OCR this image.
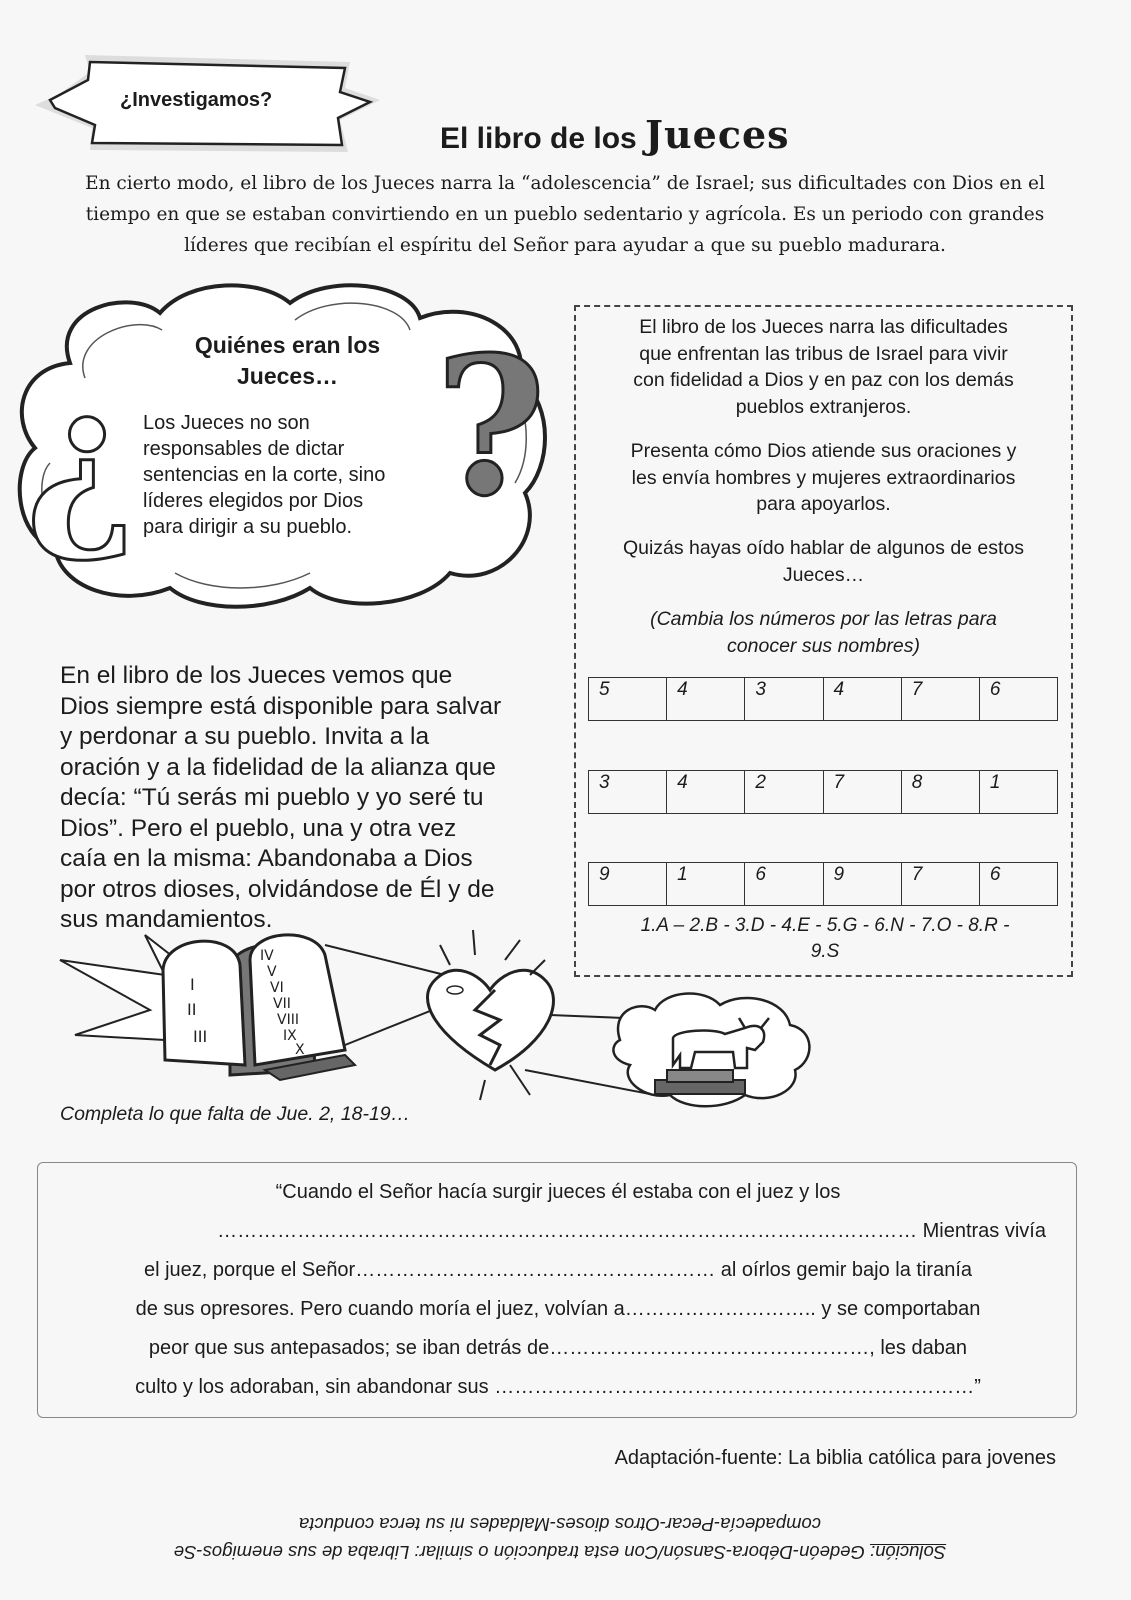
¿Investigamos?
El libro de los Jueces
En cierto modo, el libro de los Jueces narra la “adolescencia” de Israel; sus dificultades con Dios en el
tiempo en que se estaban convirtiendo en un pueblo sedentario y agrícola. Es un periodo con grandes
líderes que recibían el espíritu del Señor para ayudar a que su pueblo madurara.
¿ ?
Quiénes eran los
Jueces…
Los Jueces no son
responsables de dictar
sentencias en la corte, sino
líderes elegidos por Dios
para dirigir a su pueblo.
El libro de los Jueces narra las dificultades
que enfrentan las tribus de Israel para vivir
con fidelidad a Dios y en paz con los demás
pueblos extranjeros.
Presenta cómo Dios atiende sus oraciones y
les envía hombres y mujeres extraordinarios
para apoyarlos.
Quizás hayas oído hablar de algunos de estos
Jueces…
(Cambia los números por las letras para
conocer sus nombres)
5	4	3	4	7	6
3	4	2	7	8	1
9	1	6	9	7	6
1.A – 2.B - 3.D - 4.E - 5.G - 6.N - 7.O - 8.R -
9.S
En el libro de los Jueces vemos que
Dios siempre está disponible para salvar
y perdonar a su pueblo. Invita a la
oración y a la fidelidad de la alianza que
decía: “Tú serás mi pueblo y yo seré tu
Dios”. Pero el pueblo, una y otra vez
caía en la misma: Abandonaba a Dios
por otros dioses, olvidándose de Él y de
sus mandamientos.
I
II
III
IV
V
VI
VII
VIII
IX
X
Completa lo que falta de Jue. 2, 18-19…
“Cuando el Señor hacía surgir jueces él estaba con el juez y los
…………………………………………………………………………………………… Mientras vivía
el juez, porque el Señor……………………………………………… al oírlos gemir bajo la tiranía
de sus opresores. Pero cuando moría el juez, volvían a……………………….. y se comportaban
peor que sus antepasados; se iban detrás de…………………………………………, les daban
culto y los adoraban, sin abandonar sus ………………………………………………………………”
Adaptación-fuente: La biblia católica para jovenes
Solución: Gedeón-Débora-Sansón/Con esta traducción o similar: Libraba de sus enemigos-Se
compadecía-Pecar-Otros dioses-Maldades ni su terca conducta
